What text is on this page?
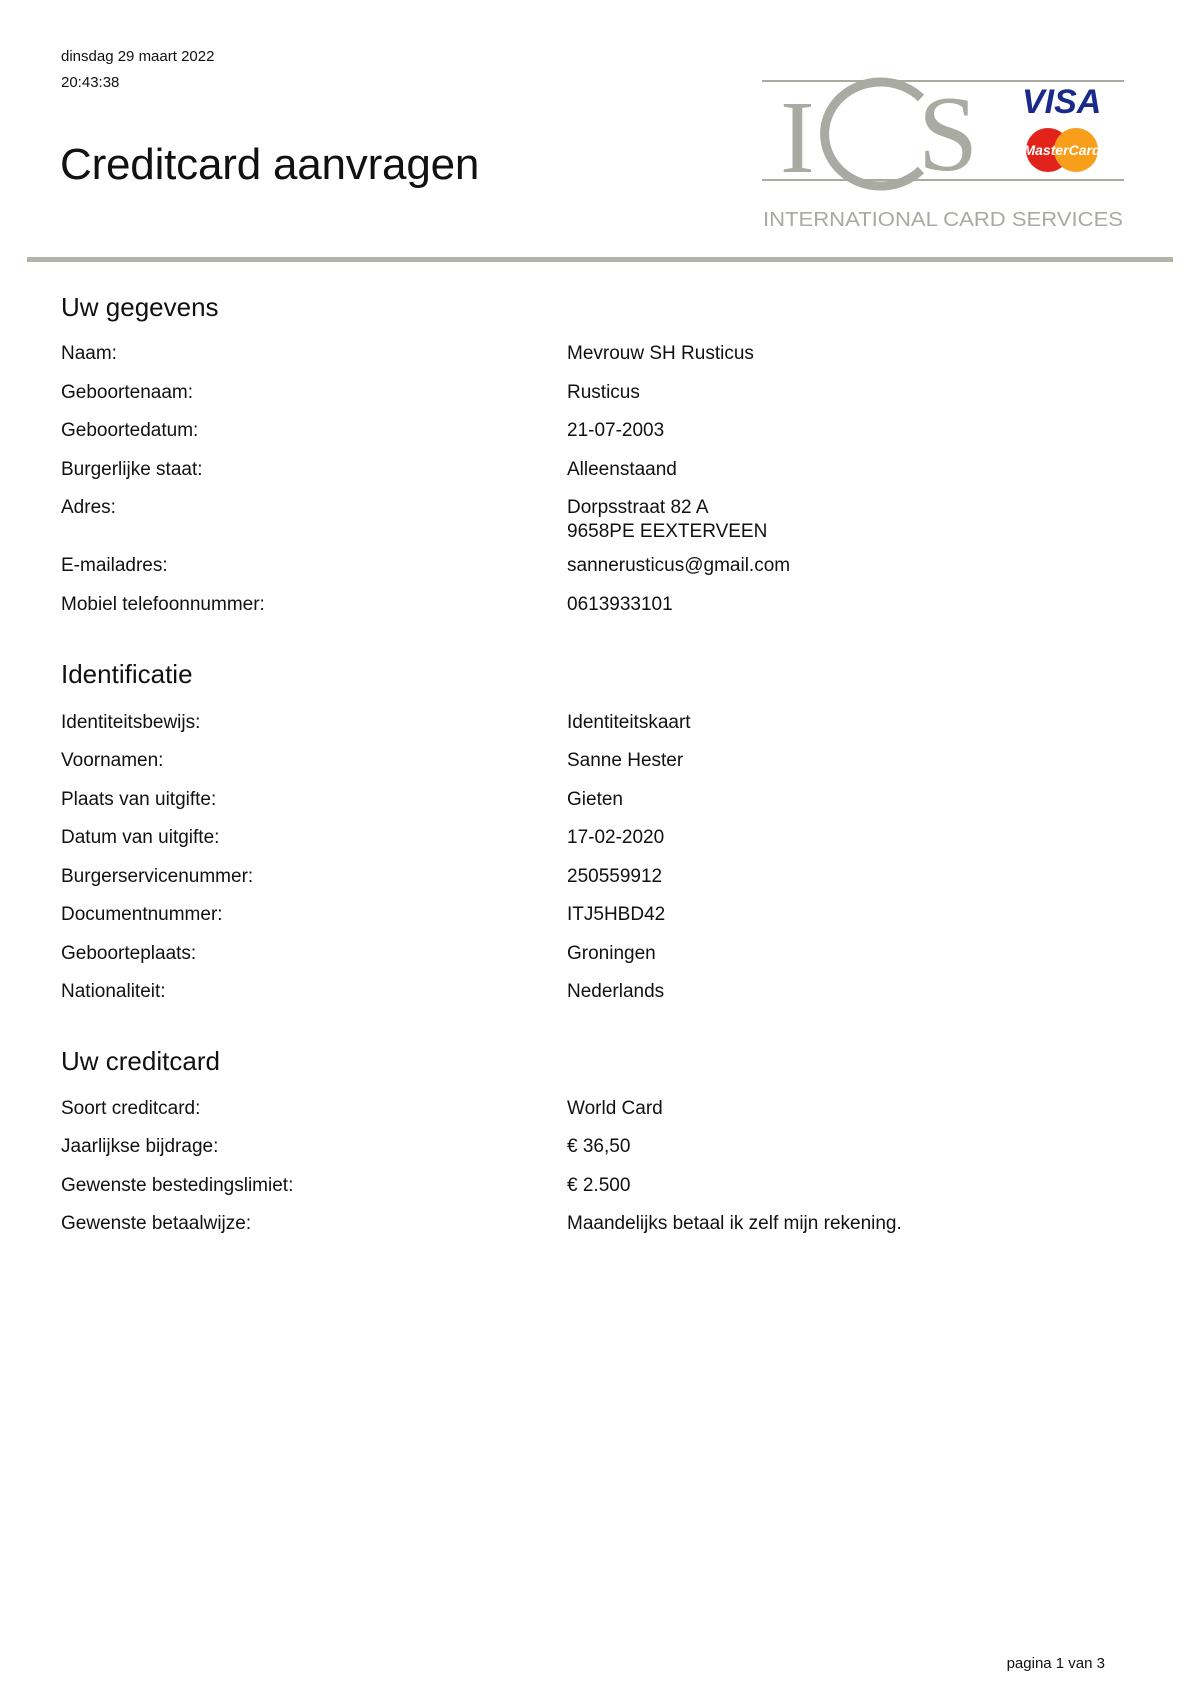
dinsdag 29 maart 2022
20:43:38
Creditcard aanvragen	I S VISA
MasterCard
INTERNATIONAL CARD SERVICES
Uw gegevens
Naam:	Mevrouw SH Rusticus
Geboortenaam:	Rusticus
Geboortedatum:	21-07-2003
Burgerlijke staat:	Alleenstaand
Adres:	Dorpsstraat 82 A
9658PE EEXTERVEEN
E-mailadres:	sannerusticus@gmail.com
Mobiel telefoonnummer:	0613933101
Identificatie
Identiteitsbewijs:	Identiteitskaart
Voornamen:	Sanne Hester
Plaats van uitgifte:	Gieten
Datum van uitgifte:	17-02-2020
Burgerservicenummer:	250559912
Documentnummer:	ITJ5HBD42
Geboorteplaats:	Groningen
Nationaliteit:	Nederlands
Uw creditcard
Soort creditcard:	World Card
Jaarlijkse bijdrage:	€ 36,50
Gewenste bestedingslimiet:	€ 2.500
Gewenste betaalwijze:	Maandelijks betaal ik zelf mijn rekening.
pagina 1 van 3
